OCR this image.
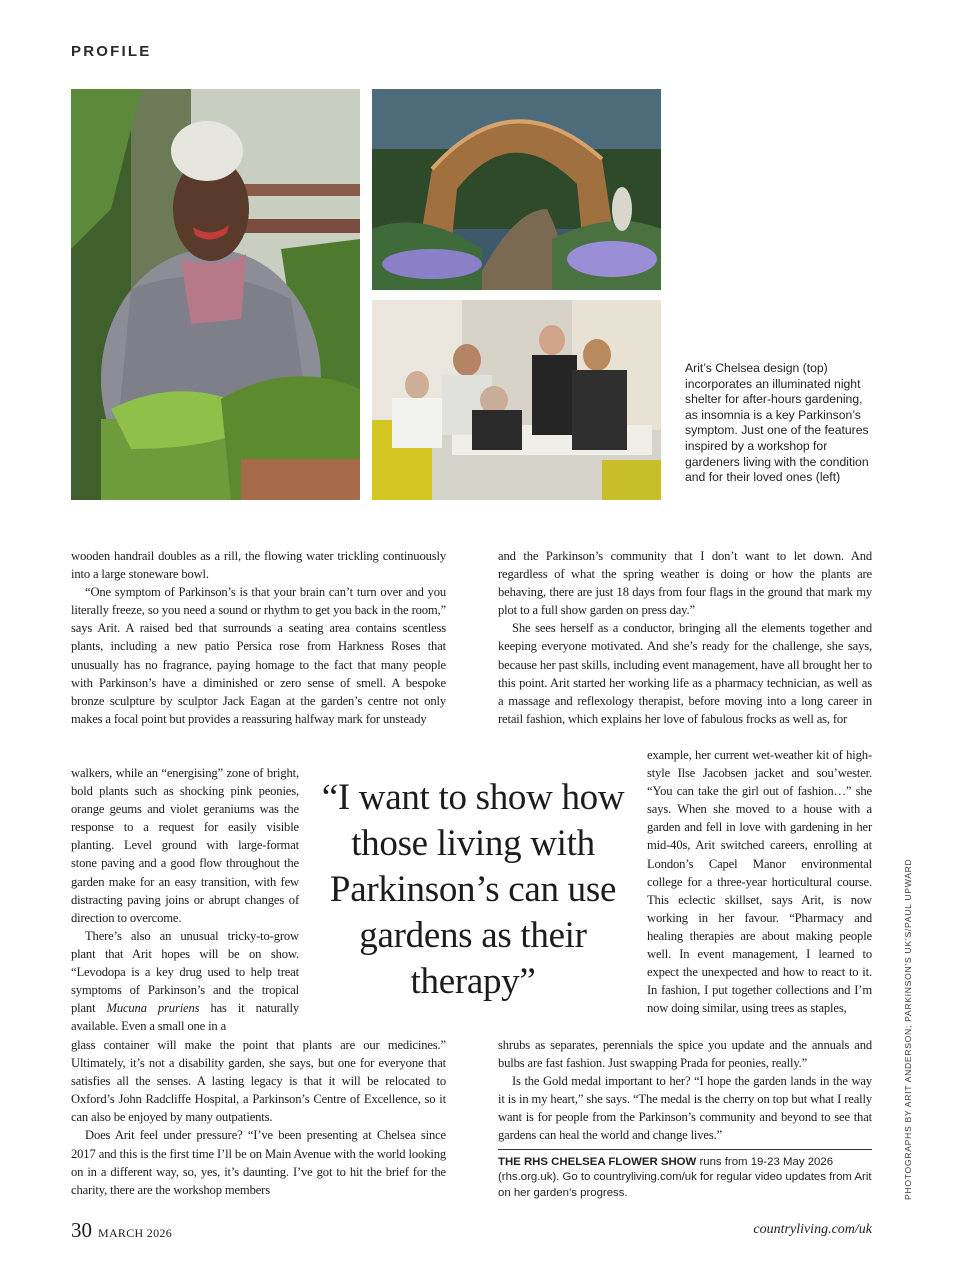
PROFILE
Arit’s Chelsea design (top) incorporates an illuminated night shelter for after-hours gardening, as insomnia is a key Parkinson’s symptom. Just one of the features inspired by a workshop for gardeners living with the condition and for their loved ones (left)

wooden handrail doubles as a rill, the flowing water trickling continuously into a large stoneware bowl.

“One symptom of Parkinson’s is that your brain can’t turn over and you literally freeze, so you need a sound or rhythm to get you back in the room,” says Arit. A raised bed that surrounds a seating area contains scentless plants, including a new patio Persica rose from Harkness Roses that unusually has no fragrance, paying homage to the fact that many people with Parkinson’s have a diminished or zero sense of smell. A bespoke bronze sculpture by sculptor Jack Eagan at the garden’s centre not only makes a focal point but provides a reassuring halfway mark for unsteady

walkers, while an “energising” zone of bright, bold plants such as shocking pink peonies, orange geums and violet geraniums was the response to a request for easily visible planting. Level ground with large-format stone paving and a good flow throughout the garden make for an easy transition, with few distracting paving joins or abrupt changes of direction to overcome.

There’s also an unusual tricky-to-grow plant that Arit hopes will be on show. “Levodopa is a key drug used to help treat symptoms of Parkinson’s and the tropical plant Mucuna pruriens has it naturally available. Even a small one in a

glass container will make the point that plants are our medicines.” Ultimately, it’s not a disability garden, she says, but one for everyone that satisfies all the senses. A lasting legacy is that it will be relocated to Oxford’s John Radcliffe Hospital, a Parkinson’s Centre of Excellence, so it can also be enjoyed by many outpatients.

Does Arit feel under pressure? “I’ve been presenting at Chelsea since 2017 and this is the first time I’ll be on Main Avenue with the world looking on in a different way, so, yes, it’s daunting. I’ve got to hit the brief for the charity, there are the workshop members

“I want to show how those living with Parkinson’s can use gardens as their therapy”

and the Parkinson’s community that I don’t want to let down. And regardless of what the spring weather is doing or how the plants are behaving, there are just 18 days from four flags in the ground that mark my plot to a full show garden on press day.”

She sees herself as a conductor, bringing all the elements together and keeping everyone motivated. And she’s ready for the challenge, she says, because her past skills, including event management, have all brought her to this point. Arit started her working life as a pharmacy technician, as well as a massage and reflexology therapist, before moving into a long career in retail fashion, which explains her love of fabulous frocks as well as, for

example, her current wet-weather kit of high-style Ilse Jacobsen jacket and sou’wester. “You can take the girl out of fashion…” she says. When she moved to a house with a garden and fell in love with gardening in her mid-40s, Arit switched careers, enrolling at London’s Capel Manor environmental college for a three-year horticultural course. This eclectic skillset, says Arit, is now working in her favour. “Pharmacy and healing therapies are about making people well. In event management, I learned to expect the unexpected and how to react to it. In fashion, I put together collections and I’m now doing similar, using trees as staples,

shrubs as separates, perennials the spice you update and the annuals and bulbs are fast fashion. Just swapping Prada for peonies, really.”

Is the Gold medal important to her? “I hope the garden lands in the way it is in my heart,” she says. “The medal is the cherry on top but what I really want is for people from the Parkinson’s community and beyond to see that gardens can heal the world and change lives.”

THE RHS CHELSEA FLOWER SHOW runs from 19-23 May 2026 (rhs.org.uk). Go to countryliving.com/uk for regular video updates from Arit on her garden’s progress.	PHOTOGRAPHS BY ARIT ANDERSON; PARKINSON’S UK’S/PAUL UPWARD
30 MARCH 2026	countryliving.com/uk
